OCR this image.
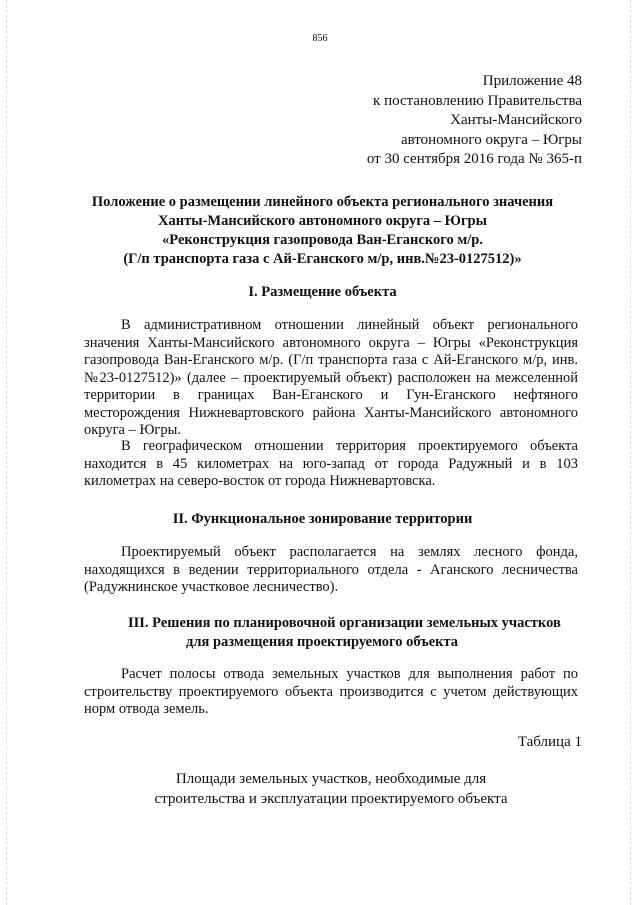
856
Приложение 48
к постановлению Правительства
Ханты-Мансийского
автономного округа – Югры
от 30 сентября 2016 года № 365-п
Положение о размещении линейного объекта регионального значения
Ханты-Мансийского автономного округа – Югры
«Реконструкция газопровода Ван-Еганского м/р.
(Г/п транспорта газа с Ай-Еганского м/р, инв.№23-0127512)»
I. Размещение объекта
В административном отношении линейный объект регионального значения Ханты-Мансийского автономного округа – Югры «Реконструкция газопровода Ван-Еганского м/р. (Г/п транспорта газа с Ай-Еганского м/р, инв.№23-0127512)» (далее – проектируемый объект) расположен на межселенной территории в границах Ван-Еганского и Гун-Еганского нефтяного месторождения Нижневартовского района Ханты-Мансийского автономного округа – Югры.
В географическом отношении территория проектируемого объекта находится в 45 километрах на юго-запад от города Радужный и в 103 километрах на северо-восток от города Нижневартовска.
II. Функциональное зонирование территории
Проектируемый объект располагается на землях лесного фонда, находящихся в ведении территориального отдела - Аганского лесничества (Радужнинское участковое лесничество).
III. Решения по планировочной организации земельных участков
для размещения проектируемого объекта
Расчет полосы отвода земельных участков для выполнения работ по строительству проектируемого объекта производится с учетом действующих норм отвода земель.
Таблица 1
Площади земельных участков, необходимые для
строительства и эксплуатации проектируемого объекта
